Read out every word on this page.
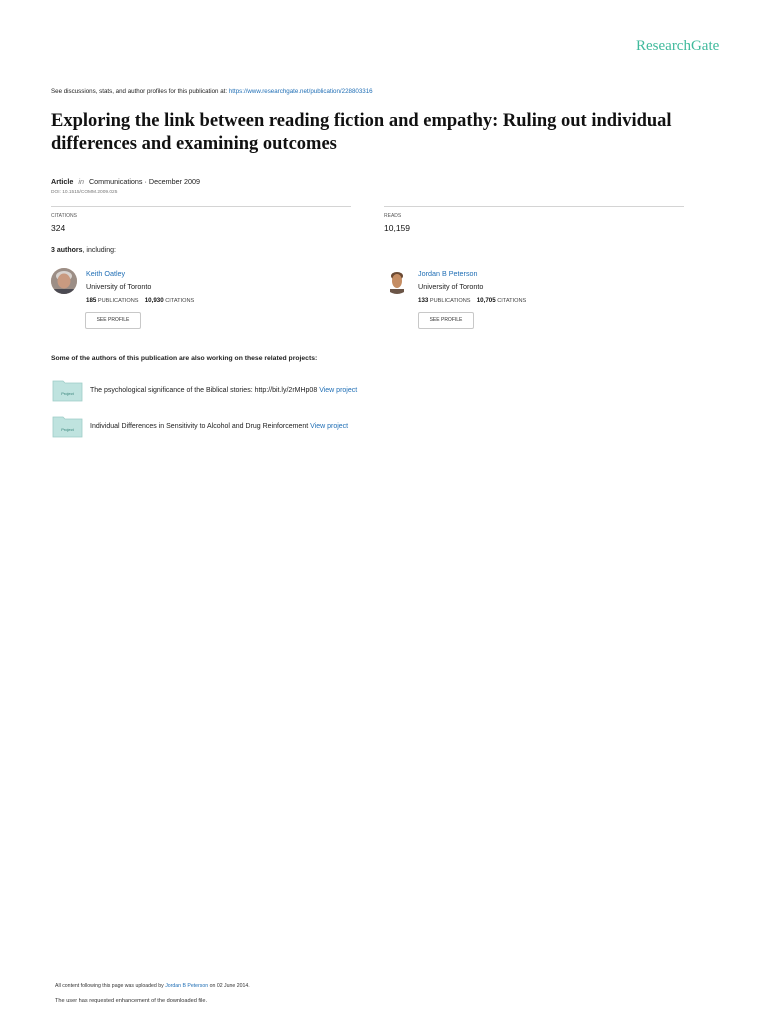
ResearchGate
See discussions, stats, and author profiles for this publication at: https://www.researchgate.net/publication/228803316
Exploring the link between reading fiction and empathy: Ruling out individual differences and examining outcomes
Article in Communications · December 2009
DOI: 10.1515/COMM.2009.025
CITATIONS
324
READS
10,159
3 authors, including:
Keith Oatley
University of Toronto
185 PUBLICATIONS 10,930 CITATIONS
SEE PROFILE
Jordan B Peterson
University of Toronto
133 PUBLICATIONS 10,705 CITATIONS
SEE PROFILE
Some of the authors of this publication are also working on these related projects:
Project The psychological significance of the Biblical stories: http://bit.ly/2rMHp08 View project
Project Individual Differences in Sensitivity to Alcohol and Drug Reinforcement View project
All content following this page was uploaded by Jordan B Peterson on 02 June 2014.
The user has requested enhancement of the downloaded file.
